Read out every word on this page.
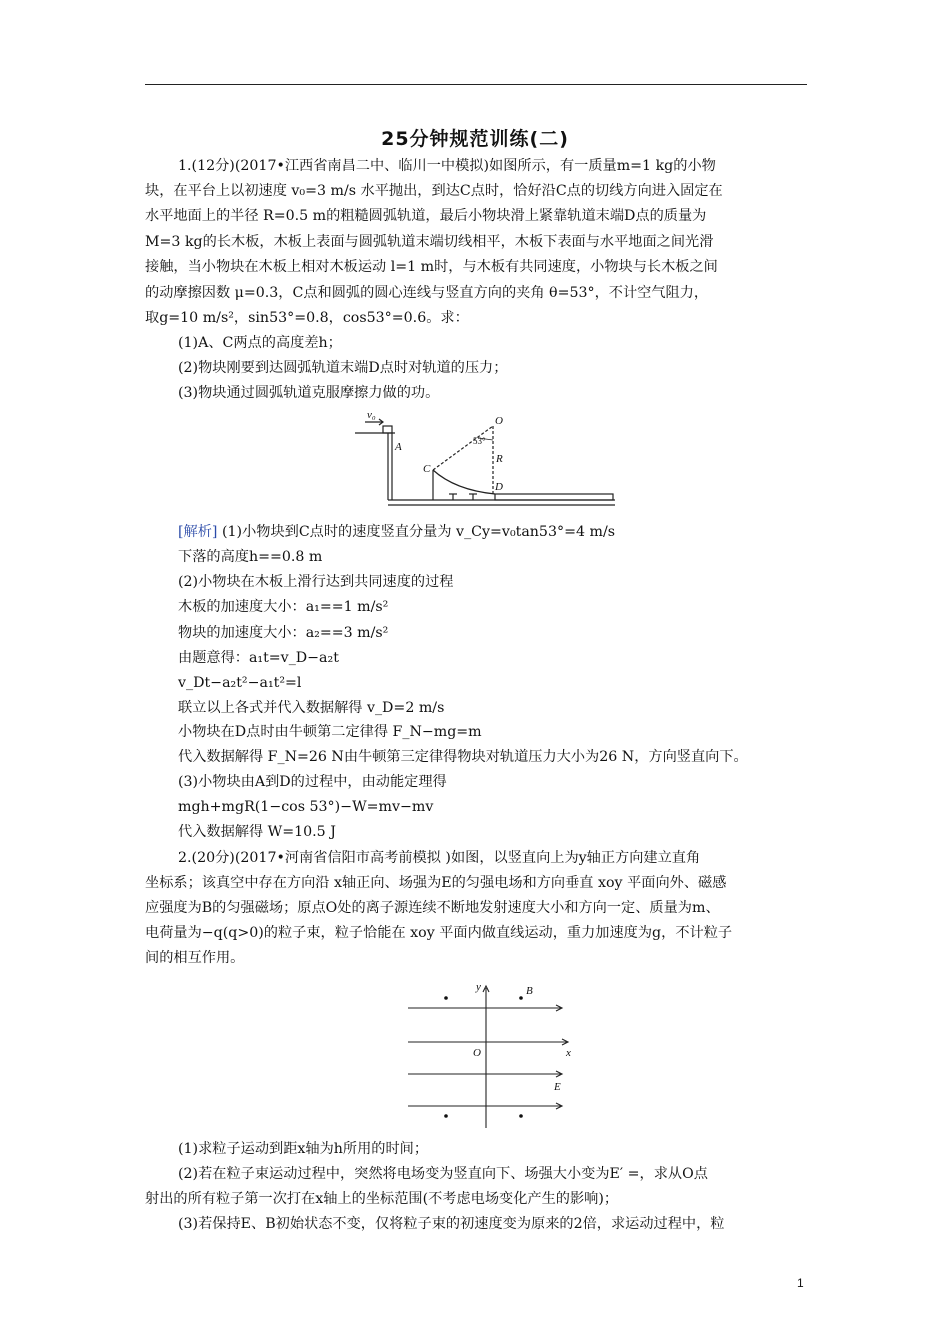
25分钟规范训练(二)
1.(12分)(2017•江西省南昌二中、临川一中模拟)如图所示，有一质量m=1 kg的小物
块，在平台上以初速度 v₀=3 m/s 水平抛出，到达C点时，恰好沿C点的切线方向进入固定在
水平地面上的半径 R=0.5 m的粗糙圆弧轨道，最后小物块滑上紧靠轨道末端D点的质量为
M=3 kg的长木板，木板上表面与圆弧轨道末端切线相平，木板下表面与水平地面之间光滑
接触，当小物块在木板上相对木板运动 l=1 m时，与木板有共同速度，小物块与长木板之间
的动摩擦因数 μ=0.3，C点和圆弧的圆心连线与竖直方向的夹角 θ=53°，不计空气阻力，
取g=10 m/s²，sin53°=0.8，cos53°=0.6。求：
(1)A、C两点的高度差h；
(2)物块刚要到达圆弧轨道末端D点时对轨道的压力；
(3)物块通过圆弧轨道克服摩擦力做的功。
v₀
A
O
53°
R
C
D
[解析] (1)小物块到C点时的速度竖直分量为 v_Cy=v₀tan53°=4 m/s
下落的高度h==0.8 m
(2)小物块在木板上滑行达到共同速度的过程
木板的加速度大小：a₁==1 m/s²
物块的加速度大小：a₂==3 m/s²
由题意得：a₁t=v_D−a₂t
v_Dt−a₂t²−a₁t²=l
联立以上各式并代入数据解得 v_D=2 m/s
小物块在D点时由牛顿第二定律得 F_N−mg=m
代入数据解得 F_N=26 N由牛顿第三定律得物块对轨道压力大小为26 N，方向竖直向下。
(3)小物块由A到D的过程中，由动能定理得
mgh+mgR(1−cos 53°)−W=mv−mv
代入数据解得 W=10.5 J
2.(20分)(2017•河南省信阳市高考前模拟 )如图，以竖直向上为y轴正方向建立直角
坐标系；该真空中存在方向沿 x轴正向、场强为E的匀强电场和方向垂直 xoy 平面向外、磁感
应强度为B的匀强磁场；原点O处的离子源连续不断地发射速度大小和方向一定、质量为m、
电荷量为−q(q>0)的粒子束，粒子恰能在 xoy 平面内做直线运动，重力加速度为g，不计粒子
间的相互作用。
y	B
O	x
E
(1)求粒子运动到距x轴为h所用的时间；
(2)若在粒子束运动过程中，突然将电场变为竖直向下、场强大小变为E′ =，求从O点
射出的所有粒子第一次打在x轴上的坐标范围(不考虑电场变化产生的影响)；
(3)若保持E、B初始状态不变，仅将粒子束的初速度变为原来的2倍，求运动过程中，粒
1
